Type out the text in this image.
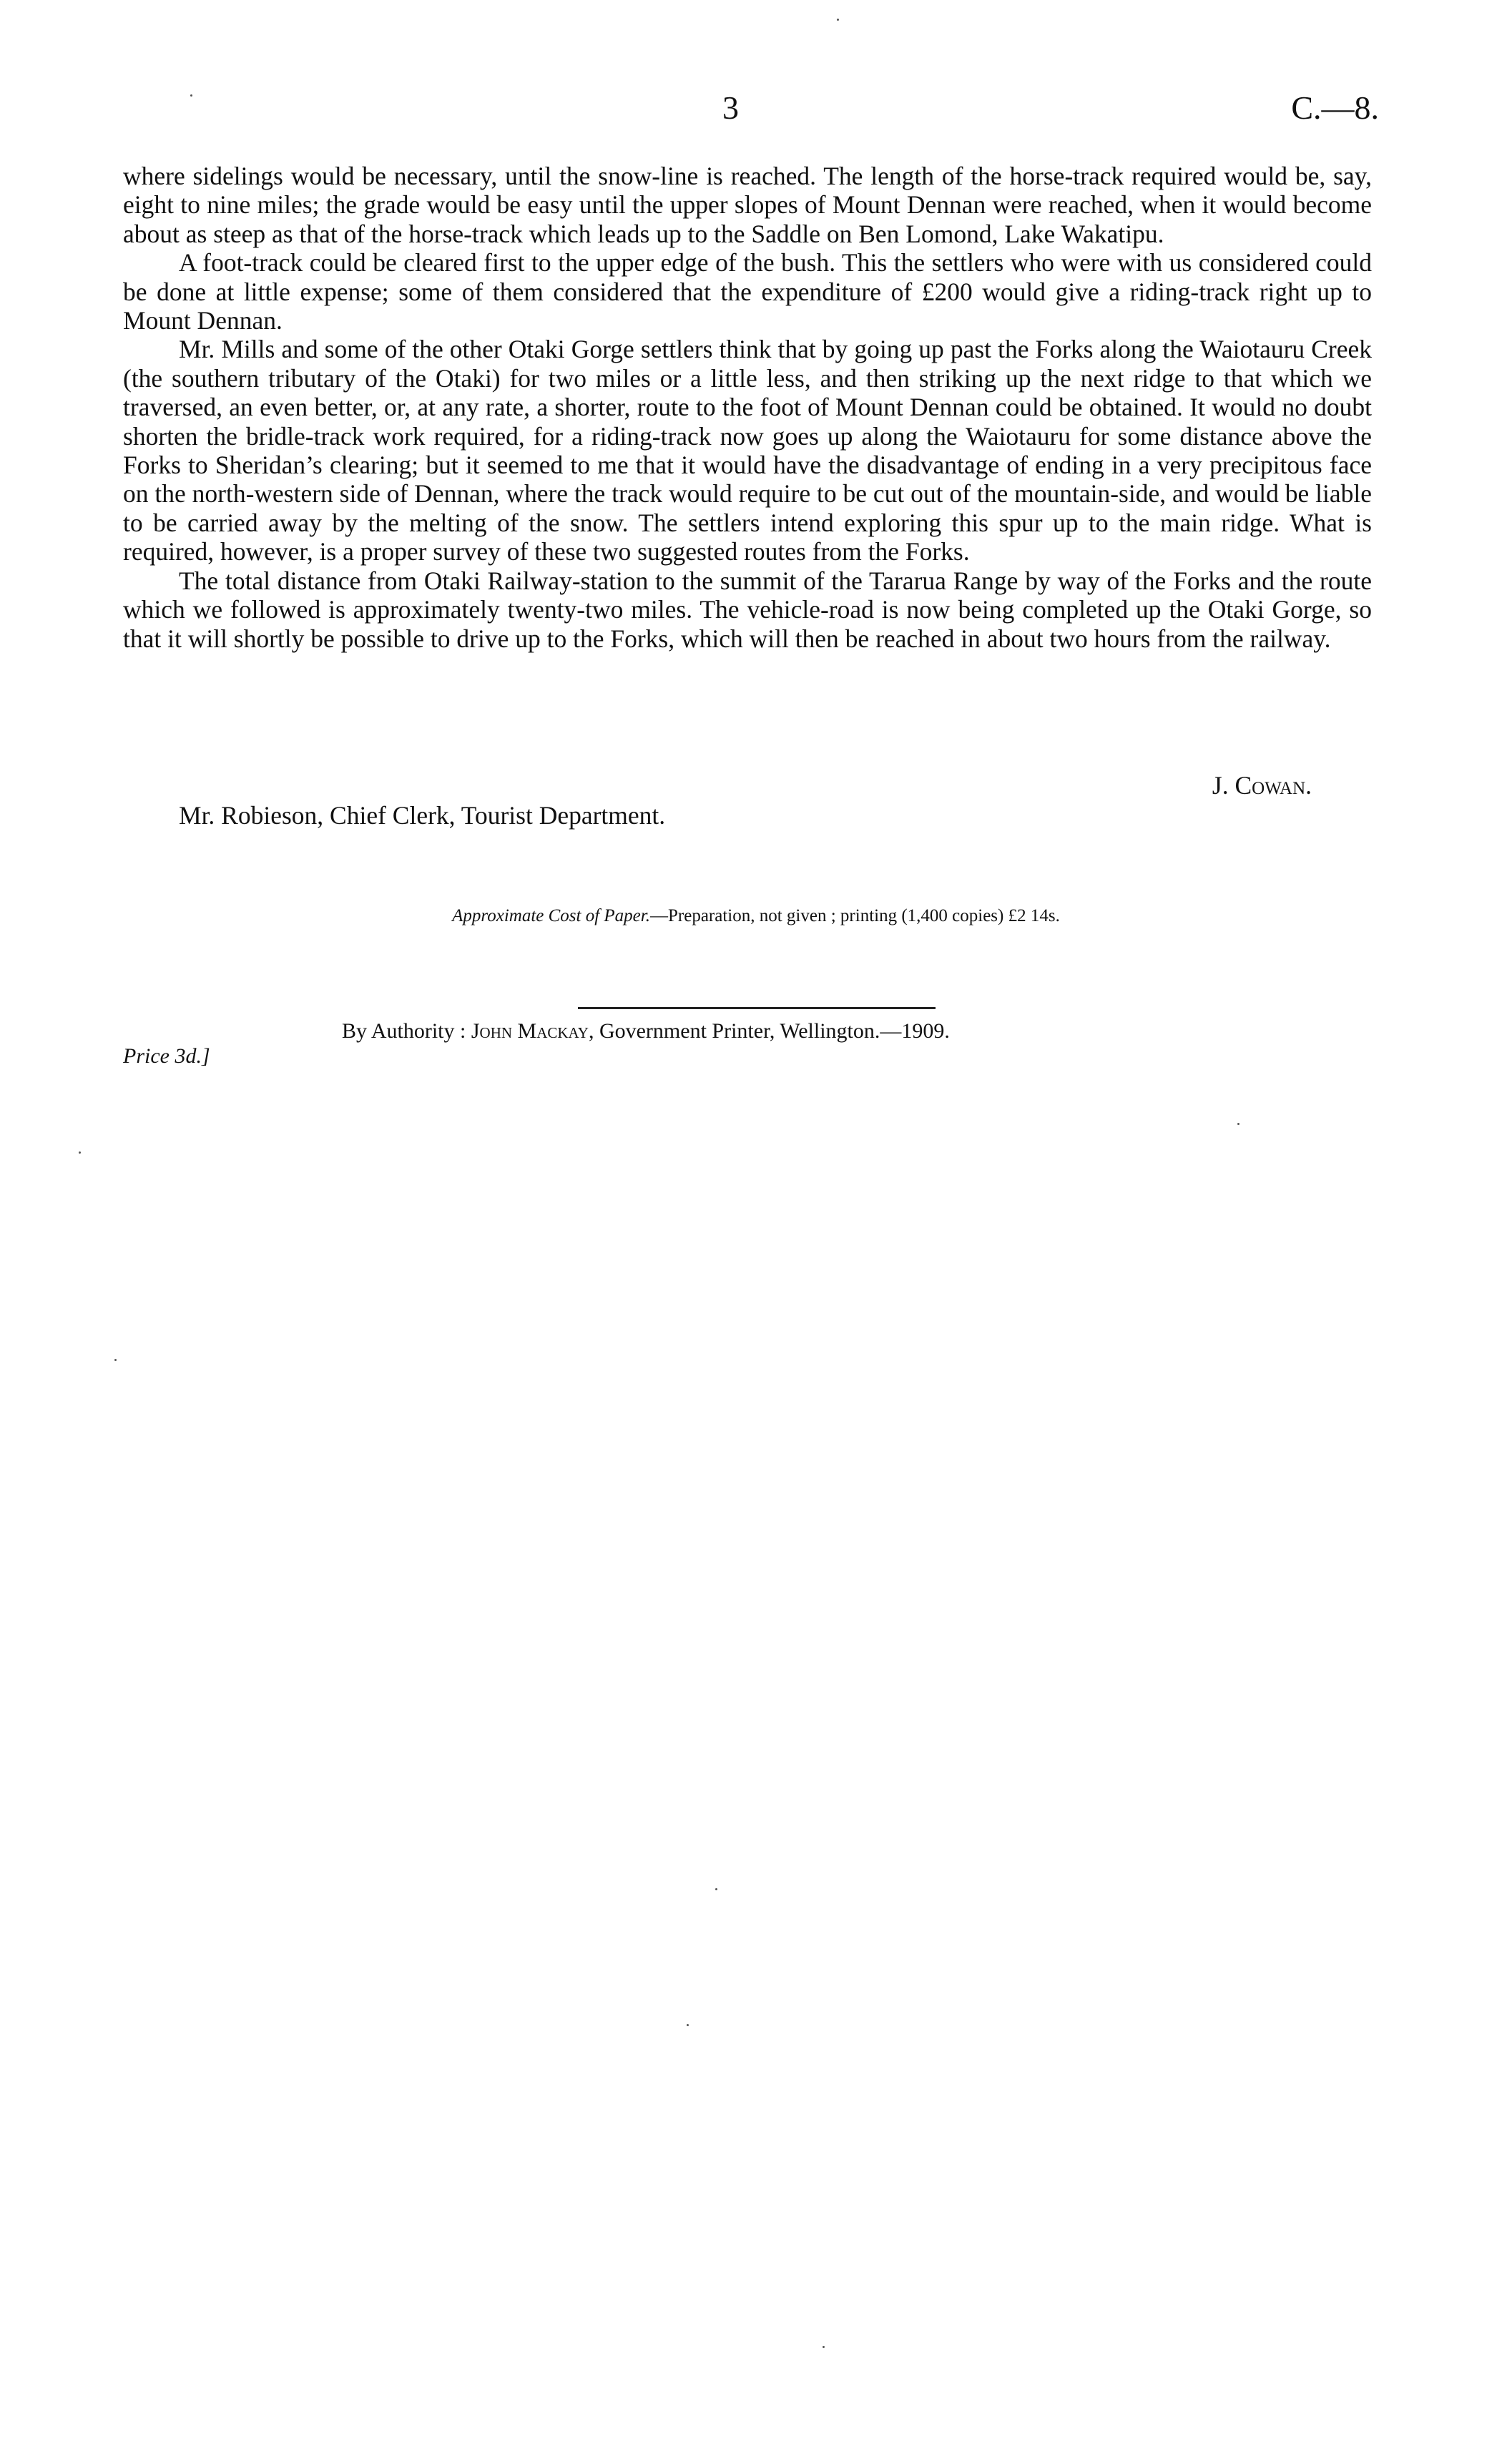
3	C.—8.

where sidelings would be necessary, until the snow-line is reached. The length of the horse-track required would be, say, eight to nine miles; the grade would be easy until the upper slopes of Mount Dennan were reached, when it would become about as steep as that of the horse-track which leads up to the Saddle on Ben Lomond, Lake Wakatipu.

A foot-track could be cleared first to the upper edge of the bush. This the settlers who were with us considered could be done at little expense; some of them considered that the expenditure of £200 would give a riding-track right up to Mount Dennan.

Mr. Mills and some of the other Otaki Gorge settlers think that by going up past the Forks along the Waiotauru Creek (the southern tributary of the Otaki) for two miles or a little less, and then striking up the next ridge to that which we traversed, an even better, or, at any rate, a shorter, route to the foot of Mount Dennan could be obtained. It would no doubt shorten the bridle-track work required, for a riding-track now goes up along the Waiotauru for some distance above the Forks to Sheridan’s clearing; but it seemed to me that it would have the disadvantage of ending in a very precipitous face on the north-western side of Dennan, where the track would require to be cut out of the mountain-side, and would be liable to be carried away by the melting of the snow. The settlers intend exploring this spur up to the main ridge. What is required, however, is a proper survey of these two suggested routes from the Forks.

The total distance from Otaki Railway-station to the summit of the Tararua Range by way of the Forks and the route which we followed is approximately twenty-two miles. The vehicle-road is now being completed up the Otaki Gorge, so that it will shortly be possible to drive up to the Forks, which will then be reached in about two hours from the railway.

J. Cowan.
Mr. Robieson, Chief Clerk, Tourist Department.
Approximate Cost of Paper.—Preparation, not given ; printing (1,400 copies) £2 14s.
By Authority : John Mackay, Government Printer, Wellington.—1909.
Price 3d.]
